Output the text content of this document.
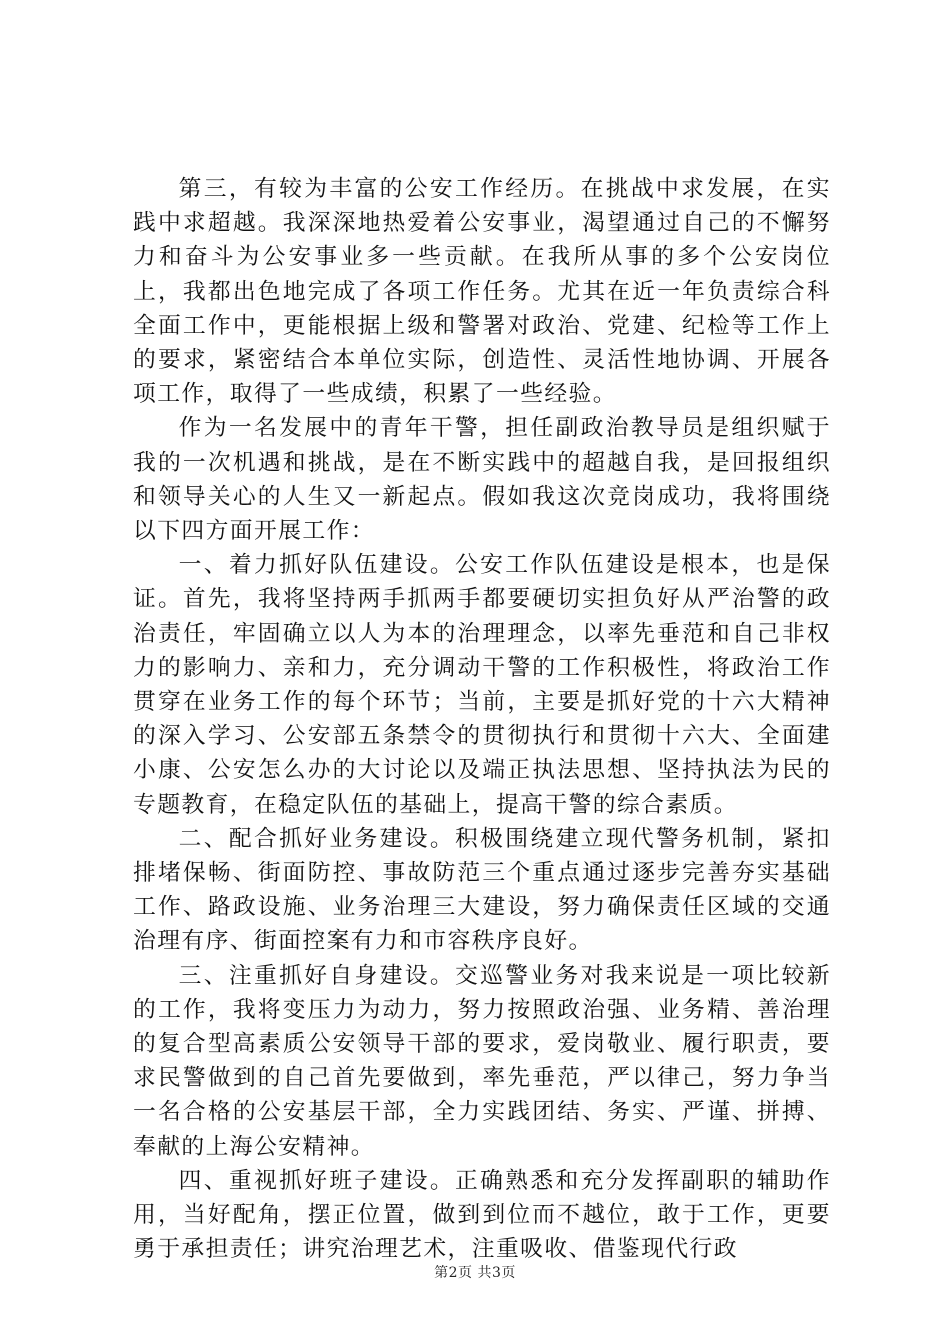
第三，有较为丰富的公安工作经历。在挑战中求发展，在实践中求超越。我深深地热爱着公安事业，渴望通过自己的不懈努力和奋斗为公安事业多一些贡献。在我所从事的多个公安岗位上，我都出色地完成了各项工作任务。尤其在近一年负责综合科全面工作中，更能根据上级和警署对政治、党建、纪检等工作上的要求，紧密结合本单位实际，创造性、灵活性地协调、开展各项工作，取得了一些成绩，积累了一些经验。

作为一名发展中的青年干警，担任副政治教导员是组织赋于我的一次机遇和挑战，是在不断实践中的超越自我，是回报组织和领导关心的人生又一新起点。假如我这次竞岗成功，我将围绕以下四方面开展工作：

一、着力抓好队伍建设。公安工作队伍建设是根本，也是保证。首先，我将坚持两手抓两手都要硬切实担负好从严治警的政治责任，牢固确立以人为本的治理理念，以率先垂范和自己非权力的影响力、亲和力，充分调动干警的工作积极性，将政治工作贯穿在业务工作的每个环节；当前，主要是抓好党的十六大精神的深入学习、公安部五条禁令的贯彻执行和贯彻十六大、全面建小康、公安怎么办的大讨论以及端正执法思想、坚持执法为民的专题教育，在稳定队伍的基础上，提高干警的综合素质。

二、配合抓好业务建设。积极围绕建立现代警务机制，紧扣排堵保畅、街面防控、事故防范三个重点通过逐步完善夯实基础工作、路政设施、业务治理三大建设，努力确保责任区域的交通治理有序、街面控案有力和市容秩序良好。

三、注重抓好自身建设。交巡警业务对我来说是一项比较新的工作，我将变压力为动力，努力按照政治强、业务精、善治理的复合型高素质公安领导干部的要求，爱岗敬业、履行职责，要求民警做到的自己首先要做到，率先垂范，严以律己，努力争当一名合格的公安基层干部，全力实践团结、务实、严谨、拼搏、奉献的上海公安精神。

四、重视抓好班子建设。正确熟悉和充分发挥副职的辅助作用，当好配角，摆正位置，做到到位而不越位，敢于工作，更要勇于承担责任；讲究治理艺术，注重吸收、借鉴现代行政

第2页 共3页
